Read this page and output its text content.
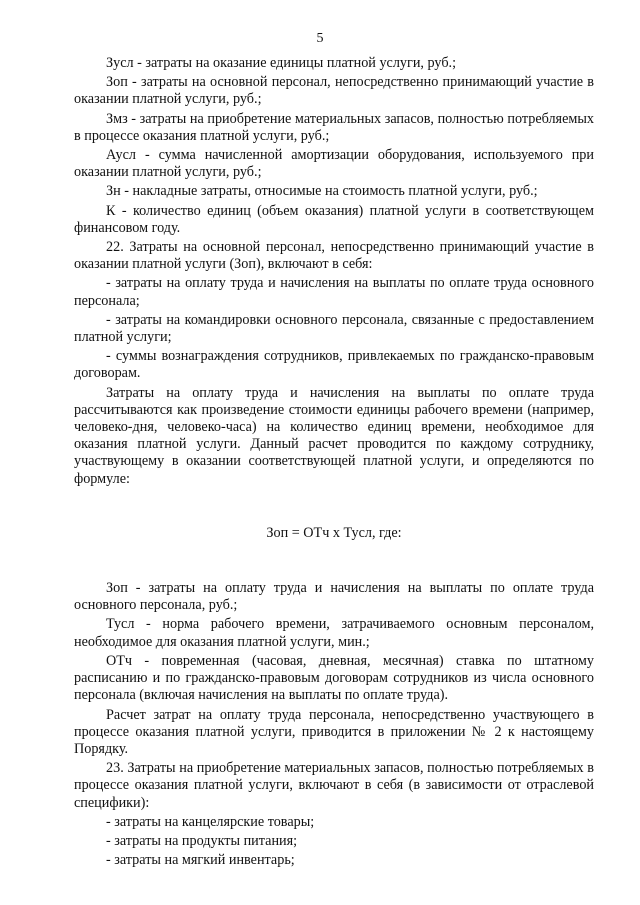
5

Зусл - затраты на оказание единицы платной услуги, руб.;

Зоп - затраты на основной персонал, непосредственно принимающий участие в оказании платной услуги, руб.;

Змз - затраты на приобретение материальных запасов, полностью потребляемых в процессе оказания платной услуги, руб.;

Аусл - сумма начисленной амортизации оборудования, используемого при оказании платной услуги, руб.;

Зн - накладные затраты, относимые на стоимость платной услуги, руб.;

К - количество единиц (объем оказания) платной услуги в соответствующем финансовом году.

22. Затраты на основной персонал, непосредственно принимающий участие в оказании платной услуги (Зоп), включают в себя:

- затраты на оплату труда и начисления на выплаты по оплате труда основного персонала;

- затраты на командировки основного персонала, связанные с предоставлением платной услуги;

- суммы вознаграждения сотрудников, привлекаемых по гражданско-правовым договорам.

Затраты на оплату труда и начисления на выплаты по оплате труда рассчитываются как произведение стоимости единицы рабочего времени (например, человеко-дня, человеко-часа) на количество единиц времени, необходимое для оказания платной услуги. Данный расчет проводится по каждому сотруднику, участвующему в оказании соответствующей платной услуги, и определяются по формуле:

Зоп = ОТч х Тусл, где:

Зоп - затраты на оплату труда и начисления на выплаты по оплате труда основного персонала, руб.;

Тусл - норма рабочего времени, затрачиваемого основным персоналом, необходимое для оказания платной услуги, мин.;

ОТч - повременная (часовая, дневная, месячная) ставка по штатному расписанию и по гражданско-правовым договорам сотрудников из числа основного персонала (включая начисления на выплаты по оплате труда).

Расчет затрат на оплату труда персонала, непосредственно участвующего в процессе оказания платной услуги, приводится в приложении № 2 к настоящему Порядку.

23. Затраты на приобретение материальных запасов, полностью потребляемых в процессе оказания платной услуги, включают в себя (в зависимости от отраслевой специфики):

- затраты на канцелярские товары;

- затраты на продукты питания;

- затраты на мягкий инвентарь;
